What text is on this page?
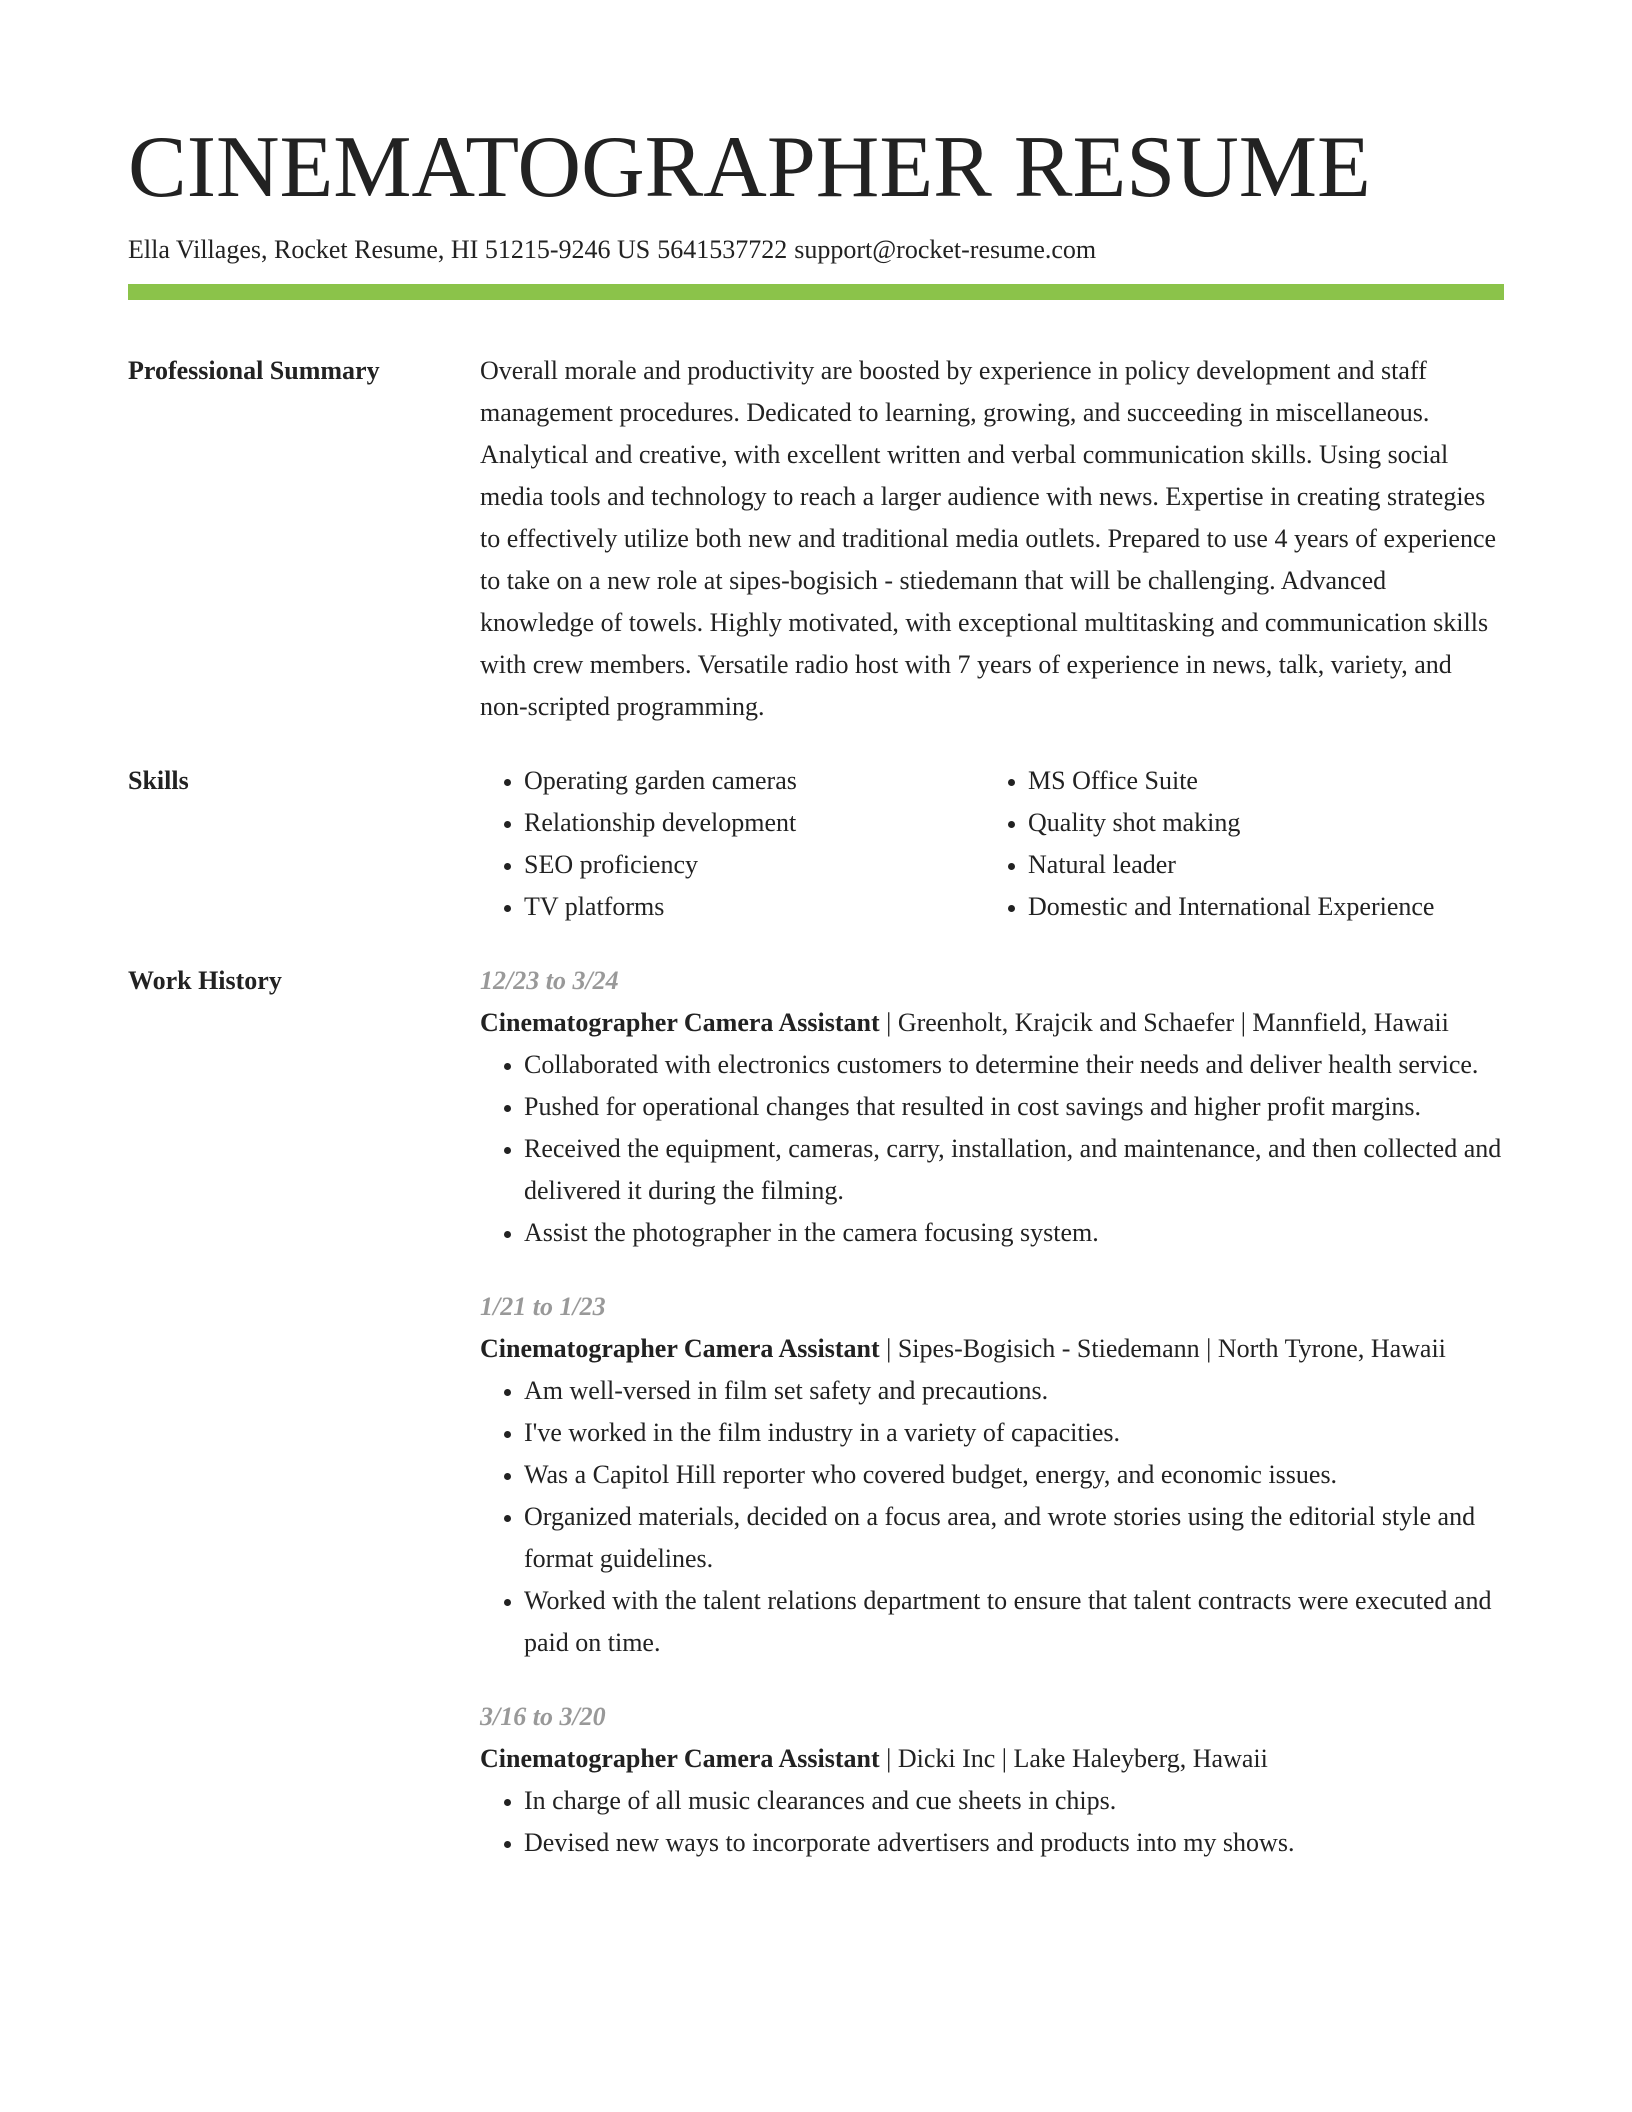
CINEMATOGRAPHER RESUME
Ella Villages, Rocket Resume, HI 51215-9246 US 5641537722 support@rocket-resume.com
Professional Summary	Overall morale and productivity are boosted by experience in policy development and staff management procedures. Dedicated to learning, growing, and succeeding in miscellaneous. Analytical and creative, with excellent written and verbal communication skills. Using social media tools and technology to reach a larger audience with news. Expertise in creating strategies to effectively utilize both new and traditional media outlets. Prepared to use 4 years of experience to take on a new role at sipes-bogisich - stiedemann that will be challenging. Advanced knowledge of towels. Highly motivated, with exceptional multitasking and communication skills with crew members. Versatile radio host with 7 years of experience in news, talk, variety, and non-scripted programming.
Skills
•	Operating garden cameras
• Relationship development
• SEO proficiency
• TV platforms
• MS Office Suite
• Quality shot making
• Natural leader
• Domestic and International Experience
Work History	12/23 to 3/24
Cinematographer Camera Assistant | Greenholt, Krajcik and Schaefer | Mannfield, Hawaii
• Collaborated with electronics customers to determine their needs and deliver health service.
• Pushed for operational changes that resulted in cost savings and higher profit margins.
• Received the equipment, cameras, carry, installation, and maintenance, and then collected and delivered it during the filming.
• Assist the photographer in the camera focusing system.
1/21 to 1/23
Cinematographer Camera Assistant | Sipes-Bogisich - Stiedemann | North Tyrone, Hawaii
• Am well-versed in film set safety and precautions.
• I've worked in the film industry in a variety of capacities.
• Was a Capitol Hill reporter who covered budget, energy, and economic issues.
• Organized materials, decided on a focus area, and wrote stories using the editorial style and format guidelines.
• Worked with the talent relations department to ensure that talent contracts were executed and paid on time.
3/16 to 3/20
Cinematographer Camera Assistant | Dicki Inc | Lake Haleyberg, Hawaii
• In charge of all music clearances and cue sheets in chips.
• Devised new ways to incorporate advertisers and products into my shows.
